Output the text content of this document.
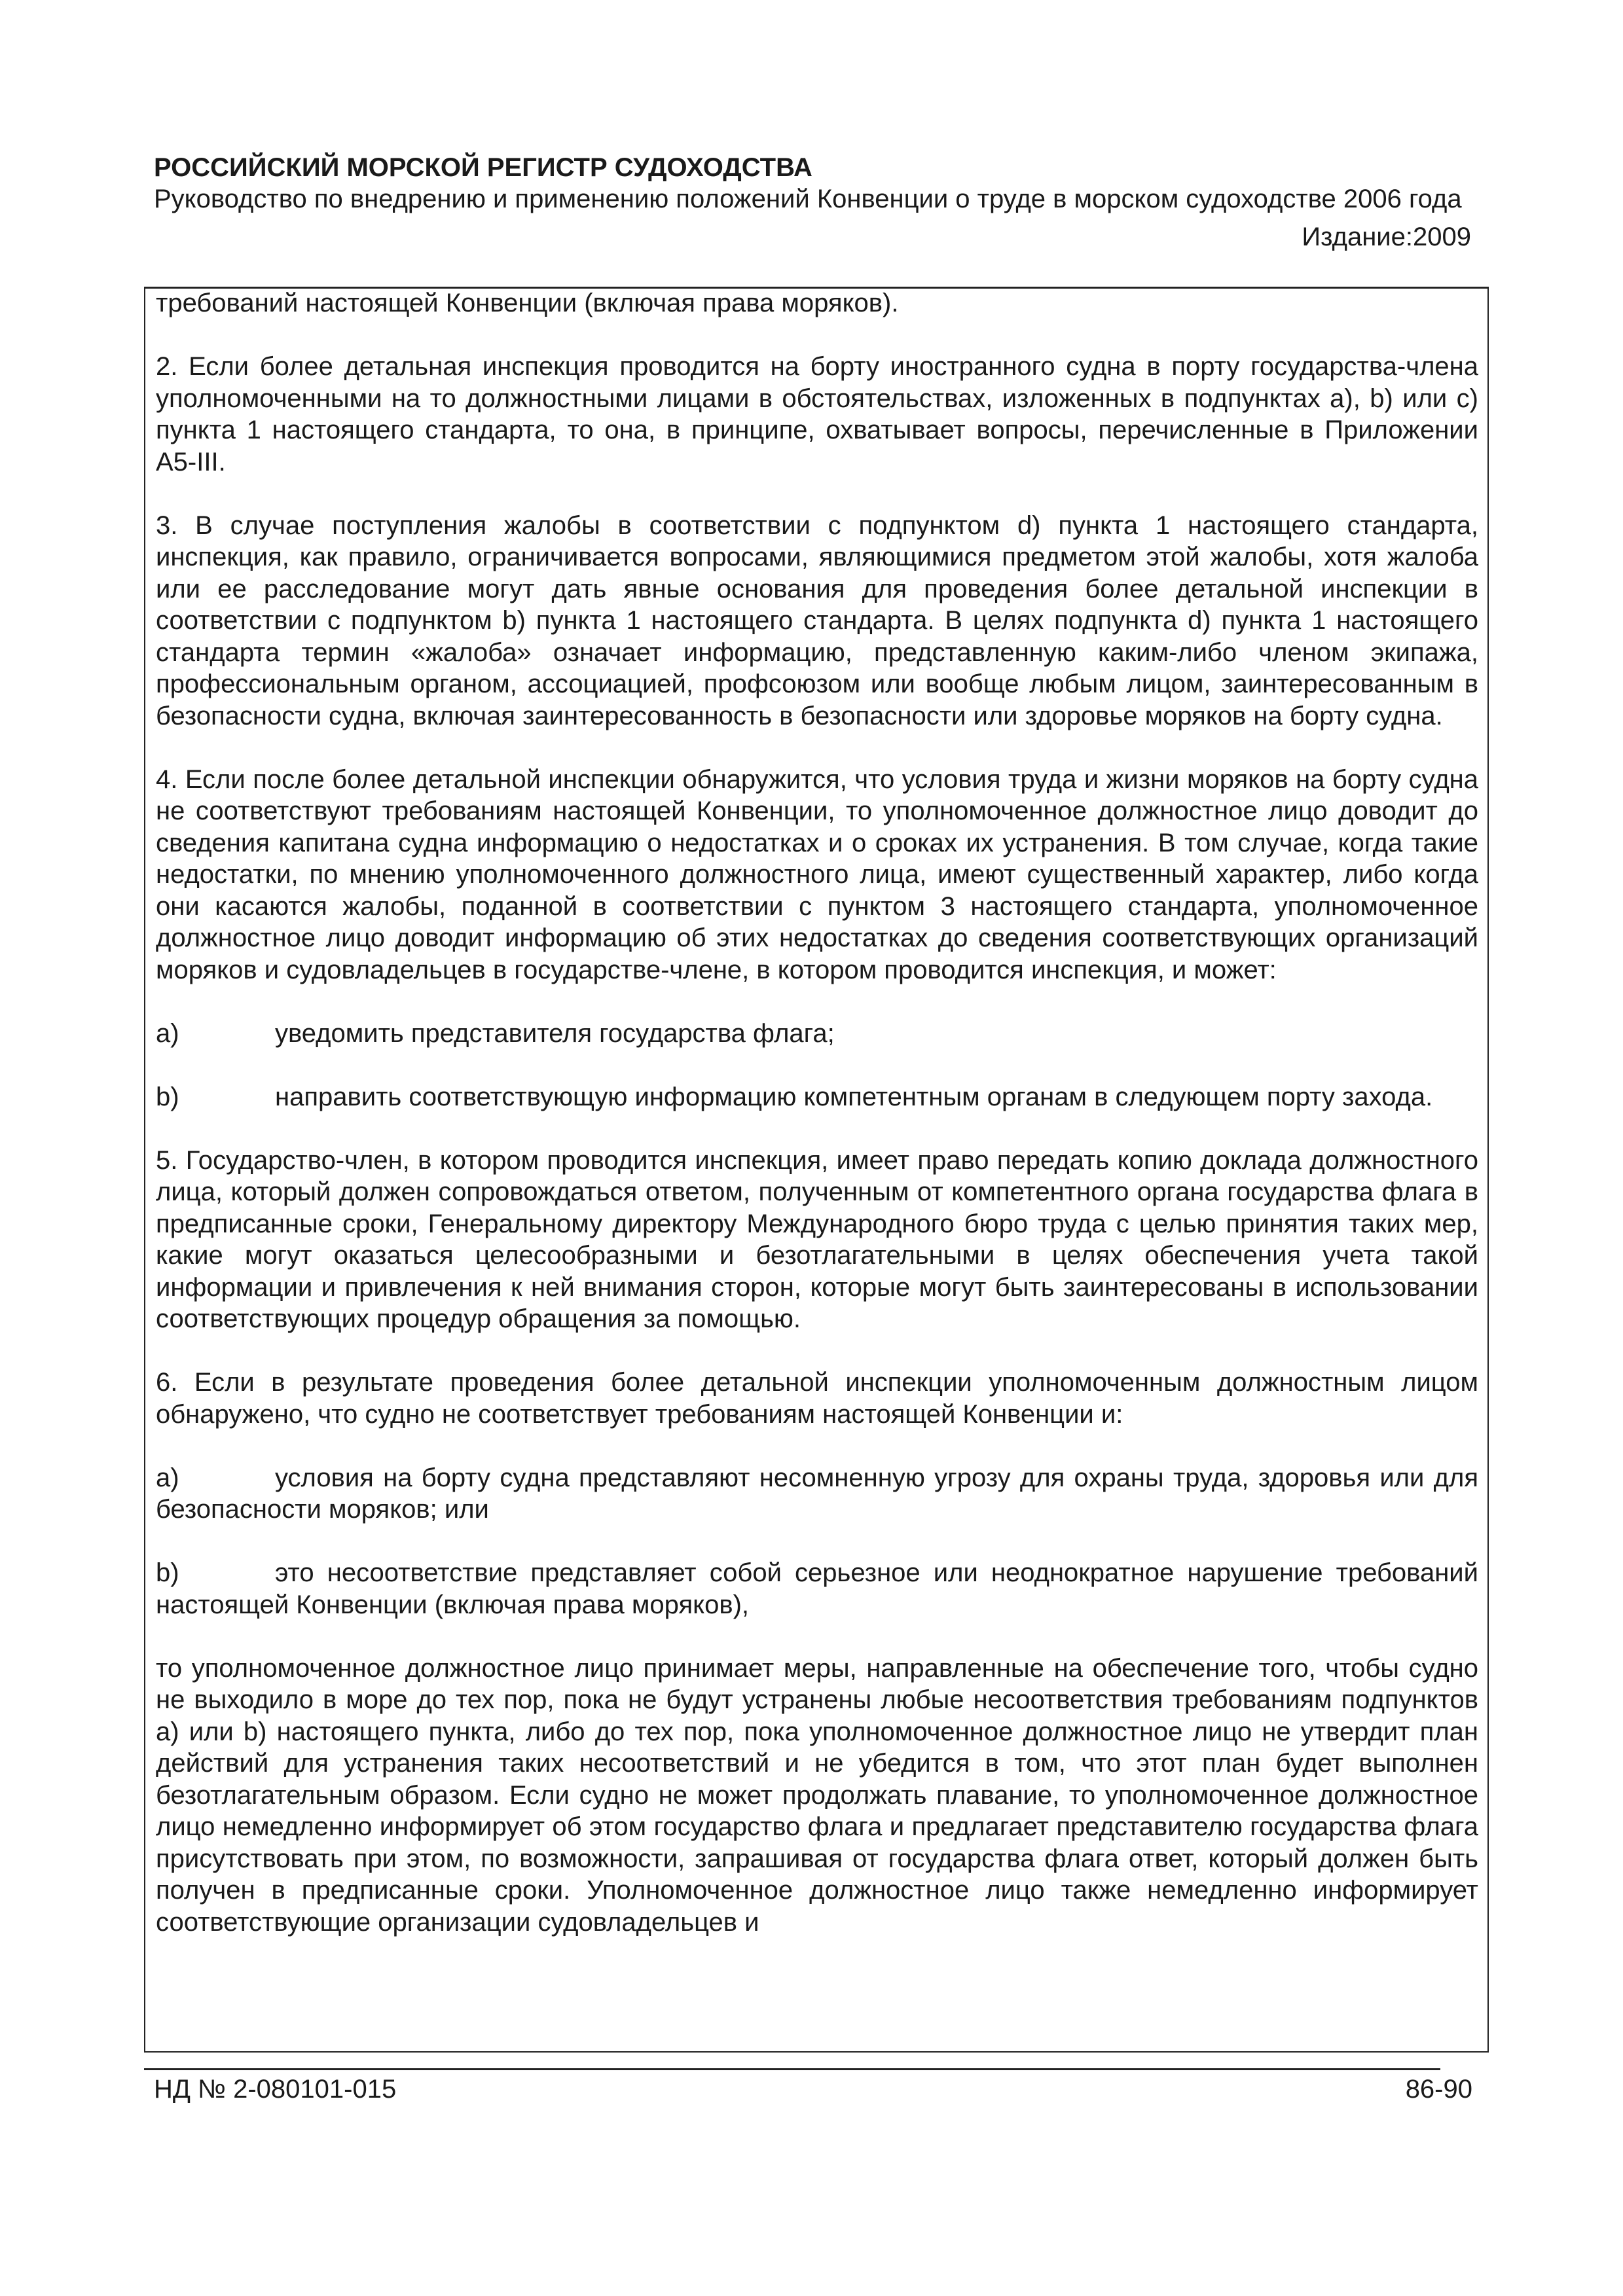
РОССИЙСКИЙ МОРСКОЙ РЕГИСТР СУДОХОДСТВА

Руководство по внедрению и применению положений Конвенции о труде в морском судоходстве 2006 года

Издание:2009

требований настоящей Конвенции (включая права моряков).

2. Если более детальная инспекция проводится на борту иностранного судна в порту государства-члена уполномоченными на то должностными лицами в обстоятельствах, изложенных в подпунктах а), b) или с) пункта 1 настоящего стандарта, то она, в принципе, охватывает вопросы, перечисленные в Приложении А5-III.

3. В случае поступления жалобы в соответствии с подпунктом d) пункта 1 настоящего стандарта, инспекция, как правило, ограничивается вопросами, являющимися предметом этой жалобы, хотя жалоба или ее расследование могут дать явные основания для проведения более детальной инспекции в соответствии с подпунктом b) пункта 1 настоящего стандарта. В целях подпункта d) пункта 1 настоящего стандарта термин «жалоба» означает информацию, представленную каким-либо членом экипажа, профессиональным органом, ассоциацией, профсоюзом или вообще любым лицом, заинтересованным в безопасности судна, включая заинтересованность в безопасности или здоровье моряков на борту судна.

4. Если после более детальной инспекции обнаружится, что условия труда и жизни моряков на борту судна не соответствуют требованиям настоящей Конвенции, то уполномоченное должностное лицо доводит до сведения капитана судна информацию о недостатках и о сроках их устранения. В том случае, когда такие недостатки, по мнению уполномоченного должностного лица, имеют существенный характер, либо когда они касаются жалобы, поданной в соответствии с пунктом 3 настоящего стандарта, уполномоченное должностное лицо доводит информацию об этих недостатках до сведения соответствующих организаций моряков и судовладельцев в государстве-члене, в котором проводится инспекция, и может:

a)	уведомить представителя государства флага;
b)	направить соответствующую информацию компетентным органам в следующем порту захода.

5. Государство-член, в котором проводится инспекция, имеет право передать копию доклада должностного лица, который должен сопровождаться ответом, полученным от компетентного органа государства флага в предписанные сроки, Генеральному директору Международного бюро труда с целью принятия таких мер, какие могут оказаться целесообразными и безотлагательными в целях обеспечения учета такой информации и привлечения к ней внимания сторон, которые могут быть заинтересованы в использовании соответствующих процедур обращения за помощью.

6. Если в результате проведения более детальной инспекции уполномоченным должностным лицом обнаружено, что судно не соответствует требованиям настоящей Конвенции и:

a)	условия на борту судна представляют несомненную угрозу для охраны труда, здоровья или для безопасности моряков; или
b)	это несоответствие представляет собой серьезное или неоднократное нарушение требований настоящей Конвенции (включая права моряков),

то уполномоченное должностное лицо принимает меры, направленные на обеспечение того, чтобы судно не выходило в море до тех пор, пока не будут устранены любые несоответствия требованиям подпунктов а) или b) настоящего пункта, либо до тех пор, пока уполномоченное должностное лицо не утвердит план действий для устранения таких несоответствий и не убедится в том, что этот план будет выполнен безотлагательным образом. Если судно не может продолжать плавание, то уполномоченное должностное лицо немедленно информирует об этом государство флага и предлагает представителю государства флага присутствовать при этом, по возможности, запрашивая от государства флага ответ, который должен быть получен в предписанные сроки. Уполномоченное должностное лицо также немедленно информирует соответствующие организации судовладельцев и

НД № 2-080101-015	86-90
